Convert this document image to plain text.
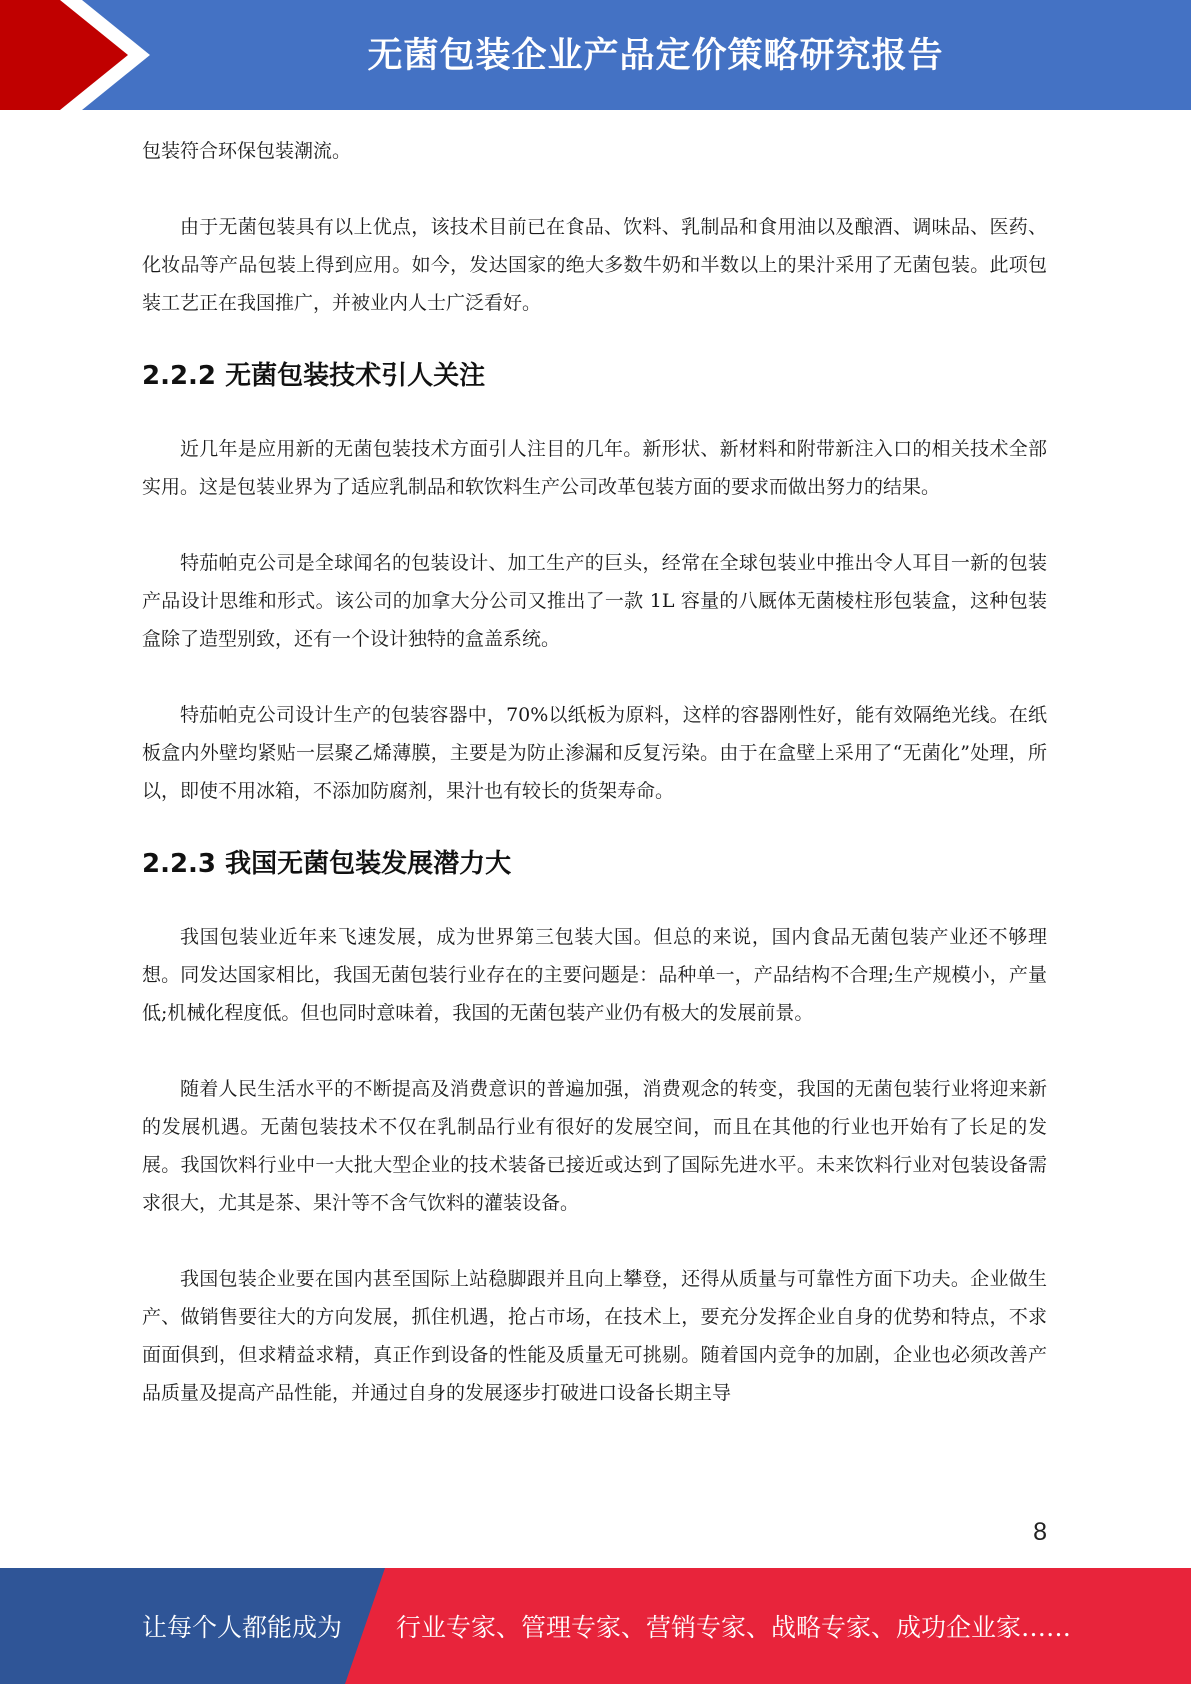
无菌包装企业产品定价策略研究报告

包装符合环保包装潮流。

由于无菌包装具有以上优点，该技术目前已在食品、饮料、乳制品和食用油以及酿酒、调味品、医药、化妆品等产品包装上得到应用。如今，发达国家的绝大多数牛奶和半数以上的果汁采用了无菌包装。此项包装工艺正在我国推广，并被业内人士广泛看好。

2.2.2 无菌包装技术引人关注

近几年是应用新的无菌包装技术方面引人注目的几年。新形状、新材料和附带新注入口的相关技术全部实用。这是包装业界为了适应乳制品和软饮料生产公司改革包装方面的要求而做出努力的结果。

特茄帕克公司是全球闻名的包装设计、加工生产的巨头，经常在全球包装业中推出令人耳目一新的包装产品设计思维和形式。该公司的加拿大分公司又推出了一款 1L 容量的八厩体无菌棱柱形包装盒，这种包装盒除了造型别致，还有一个设计独特的盒盖系统。

特茄帕克公司设计生产的包装容器中，70%以纸板为原料，这样的容器刚性好，能有效隔绝光线。在纸板盒内外壁均紧贴一层聚乙烯薄膜，主要是为防止渗漏和反复污染。由于在盒壁上采用了“无菌化”处理，所以，即使不用冰箱，不添加防腐剂，果汁也有较长的货架寿命。

2.2.3 我国无菌包装发展潜力大

我国包装业近年来飞速发展，成为世界第三包装大国。但总的来说，国内食品无菌包装产业还不够理想。同发达国家相比，我国无菌包装行业存在的主要问题是：品种单一，产品结构不合理;生产规模小，产量低;机械化程度低。但也同时意味着，我国的无菌包装产业仍有极大的发展前景。

随着人民生活水平的不断提高及消费意识的普遍加强，消费观念的转变，我国的无菌包装行业将迎来新的发展机遇。无菌包装技术不仅在乳制品行业有很好的发展空间，而且在其他的行业也开始有了长足的发展。我国饮料行业中一大批大型企业的技术装备已接近或达到了国际先进水平。未来饮料行业对包装设备需求很大，尤其是茶、果汁等不含气饮料的灌装设备。

我国包装企业要在国内甚至国际上站稳脚跟并且向上攀登，还得从质量与可靠性方面下功夫。企业做生产、做销售要往大的方向发展，抓住机遇，抢占市场，在技术上，要充分发挥企业自身的优势和特点，不求面面俱到，但求精益求精，真正作到设备的性能及质量无可挑剔。随着国内竞争的加剧，企业也必须改善产品质量及提高产品性能，并通过自身的发展逐步打破进口设备长期主导

8
让每个人都能成为 行业专家、管理专家、营销专家、战略专家、成功企业家……
